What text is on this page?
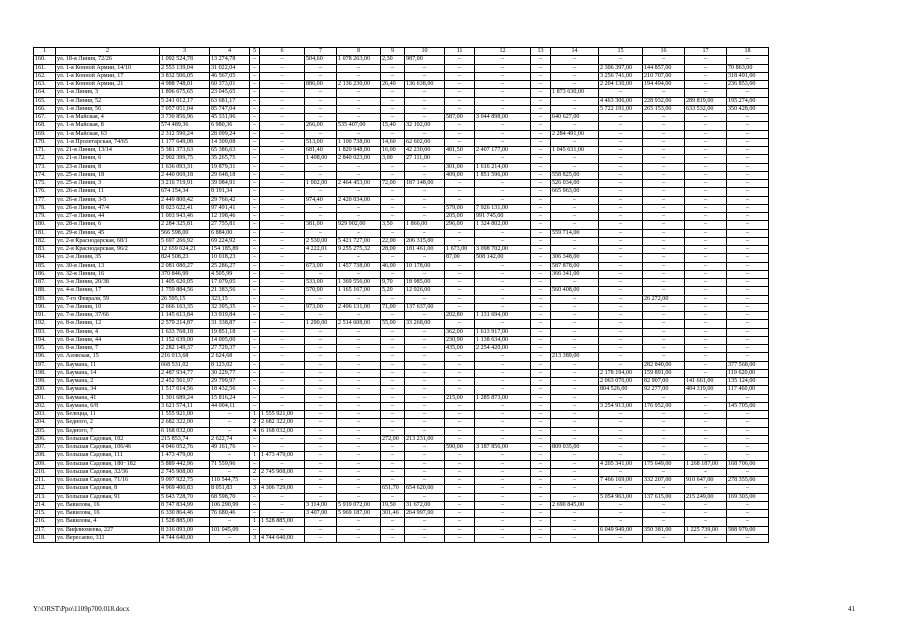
1	2	3	4	5	6	7	8	9	10	11	12	13	14	15	16	17	18
160.	ул. 18-я Линия, 72/26	1 092 524,78	13 274,78	–	–	504,60	1 078 263,00	2,30	987,00	–	–	–	–	–	–	–	–
161.	ул. 1-я Конной Армии, 14/10	2 553 139,04	31 022,04	–	–	–	–	–	–	–	–	–	–	2 306 397,00	144 857,00	–	70 863,00
162.	ул. 1-я Конной Армии, 17	3 832 506,05	46 567,05	–	–	–	–	–	–	–	–	–	–	3 256 741,00	210 707,00	–	318 491,00
163.	ул. 1-я Конной Армии, 21	4 988 748,01	60 373,01	–	–	886,00	2 136 230,00	26,40	136 638,00	–	–	–	–	2 204 130,00	194 494,00	–	236 853,00
164.	ул. 1-я Линия, 3	1 896 675,65	23 045,65	–	–	–	–	–	–	–	–	–	1 873 630,00	–	–	–	–
165.	ул. 1-я Линия, 52	5 241 012,17	63 681,17	–	–	–	–	–	–	–	–	–	–	4 463 306,00	228 932,00	289 819,00	195 274,00
166.	ул. 1-я Линия, 56	7 057 051,04	85 747,04	–	–	–	–	–	–	–	–	–	–	5 722 191,00	265 153,00	633 532,00	350 428,00
167.	ул. 1-я Майская, 4	3 730 856,96	45 331,96	–	–	–	–	–	–	587,00	3 044 898,00	–	640 627,00	–	–	–	–
168.	ул. 1-я Майская, 8	574 489,36	6 980,36	–	–	266,00	535 407,00	15,40	32 102,00	–	–	–	–	–	–	–	–
169.	ул. 1-я Майская, 63	2 312 590,24	28 099,24	–	–	–	–	–	–	–	–	–	2 284 491,00	–	–	–	–
170.	ул. 1-я Пролетарская, 74/65	1 177 649,08	14 309,08	–	–	513,00	1 100 738,00	14,60	62 602,00	–	–	–	–	–	–	–	–
171.	ул. 21-я Линия, 13/14	5 381 373,63	65 386,63	–	–	681,40	1 820 948,00	16,00	42 230,00	481,50	2 407 177,00	–	1 045 631,00	–	–	–	–
172.	ул. 21-я Линия, 6	2 902 399,75	35 265,75	–	–	1 408,00	2 840 023,00	3,00	27 111,00	–	–	–	–	–	–	–	–
173.	ул. 23-я Линия, 8	1 636 093,31	19 879,31	–	–	–	–	–	–	301,00	1 616 214,00	–	–	–	–	–	–
174.	ул. 25-я Линия, 18	2 440 069,18	29 648,18	–	–	–	–	–	–	409,00	1 851 596,00	–	558 825,00	–	–	–	–
175.	ул. 25-я Линия, 3	3 216 719,91	39 084,91	–	–	1 002,00	2 464 453,00	72,00	187 148,00	–	–	–	526 034,00	–	–	–	–
176.	ул. 26-я Линия, 11	674 154,34	8 191,34	–	–	–	–	–	–	–	–	–	665 963,00	–	–	–	–
177.	ул. 26-я Линия, 3-5	2 449 800,42	29 766,42	–	–	974,40	2 420 034,00	–	–	–	–	–	–	–	–	–	–
178.	ул. 26-я Линия, 47/4	8 023 622,41	97 491,41	–	–	–	–	–	–	579,00	7 926 131,00	–	–	–	–	–	–
179.	ул. 27-я Линия, 44	1 003 943,46	12 198,46	–	–	–	–	–	–	205,00	991 745,00	–	–	–	–	–	–
180.	ул. 28-я Линия, 6	2 284 325,81	27 755,81	–	–	381,00	929 902,00	3,50	1 866,00	296,00	1 324 802,00	–	–	–	–	–	–
181.	ул. 29-я Линия, 45	566 598,00	6 884,00	–	–	–	–	–	–	–	–	–	559 714,00	–	–	–	–
182.	ул. 2-я Краснодарская, 68/1	5 697 266,92	69 224,92	–	–	2 530,00	5 421 727,00	22,00	206 315,00	–	–	–	–	–	–	–	–
183.	ул. 2-я Краснодарская, 96/2	12 659 624,21	154 185,89	–	–	4 222,01	9 255 275,32	28,00	181 461,00	1 673,00	3 098 702,00	–	–	–	–	–	–
184.	ул. 2-я Линия, 35	824 508,23	10 018,23	–	–	–	–	–	–	87,00	508 142,00	–	306 348,00	–	–	–	–
185.	ул. 30-я Линия, 13	2 081 080,27	25 286,27	–	–	673,00	1 457 738,00	46,00	10 178,00	–	–	–	587 878,00	–	–	–	–
186.	ул. 32-я Линия, 16	370 846,99	4 505,99	–	–	–	–	–	–	–	–	–	366 341,00	–	–	–	–
187.	ул. 3-я Линия, 20/38	1 405 620,05	17 079,05	–	–	533,00	1 369 556,00	9,70	18 985,00	–	–	–	–	–	–	–	–
188.	ул. 4-я Линия, 17	1 759 884,56	21 383,56	–	–	570,00	1 165 167,00	5,20	12 926,00	–	–	–	560 408,00	–	–	–	–
189.	ул. 7-го Февраля, 59	26 595,15	323,15	–	–	–	–	–	–	–	–	–	–	–	26 272,00	–	–
190.	ул. 7-я Линия, 10	2 666 163,35	32 395,35	–	–	973,00	2 496 131,00	71,00	137 637,00	–	–	–	–	–	–	–	–
191.	ул. 7-я Линия, 37/66	1 145 613,84	13 919,84	–	–	–	–	–	–	202,80	1 131 694,00	–	–	–	–	–	–
192.	ул. 8-я Линия, 12	2 579 214,87	31 338,87	–	–	1 290,00	2 514 608,00	55,00	33 268,00	–	–	–	–	–	–	–	–
193.	ул. 8-я Линия, 4	1 633 768,18	19 851,18	–	–	–	–	–	–	362,00	1 613 917,00	–	–	–	–	–	–
194.	ул. 8-я Линия, 44	1 152 639,00	14 005,00	–	–	–	–	–	–	230,90	1 138 634,00	–	–	–	–	–	–
195.	ул. 8-я Линия, 7	2 282 149,37	27 729,37	–	–	–	–	–	–	435,00	2 254 420,00	–	–	–	–	–	–
196.	ул. Азовская, 15	216 013,68	2 624,68	–	–	–	–	–	–	–	–	–	213 389,00	–	–	–	–
197.	ул. Баумана, 11	668 531,02	8 123,02	–	–	–	–	–	–	–	–	–	–	–	282 840,00	–	377 568,00
198.	ул. Баумана, 14	2 487 934,77	30 229,77	–	–	–	–	–	–	–	–	–	–	2 178 194,00	159 891,00	–	119 620,00
199.	ул. Баумана, 2	2 452 561,97	29 799,97	–	–	–	–	–	–	–	–	–	–	2 063 070,00	82 907,00	141 661,00	135 124,00
200.	ул. Баумана, 34	1 517 014,56	18 432,56	–	–	–	–	–	–	–	–	–	–	804 526,00	92 277,00	484 319,00	117 460,00
201.	ул. Баумана, 41	1 301 689,24	15 816,24	–	–	–	–	–	–	215,00	1 285 873,00	–	–	–	–	–	–
202.	ул. Баумана, 6/8	3 621 574,11	44 004,11	–	–	–	–	–	–	–	–	–	–	3 254 913,00	176 952,00	–	145 705,00
203.	ул. Белецца, 11	1 555 921,00	–	1	1 555 921,00	–	–	–	–	–	–	–	–	–	–	–	–
204.	ул. Бедного, 2	2 682 322,00	–	2	2 682 322,00	–	–	–	–	–	–	–	–	–	–	–	–
205.	ул. Бедного, 7	6 168 032,00	–	4	6 168 032,00	–	–	–	–	–	–	–	–	–	–	–	–
206.	ул. Большая Садовая, 102	215 853,74	2 622,74	–	–	–	–	272,00	213 231,00	–	–	–	–	–	–	–	–
207.	ул. Большая Садовая, 106/46	4 046 052,76	49 161,76	–	–	–	–	–	–	590,00	3 187 856,00	–	809 035,00	–	–	–	–
208.	ул. Большая Садовая, 111	1 473 479,00	–	1	1 473 479,00	–	–	–	–	–	–	–	–	–	–	–	–
209.	ул. Большая Садовая, 180−182	5 889 442,96	71 559,96	–	–	–	–	–	–	–	–	–	–	4 205 341,00	175 649,00	1 268 187,00	168 706,00
210.	ул. Большая Садовая, 32/36	2 745 908,00	–	2	2 745 908,00	–	–	–	–	–	–	–	–	–	–	–	–
211.	ул. Большая Садовая, 71/16	9 097 922,75	110 544,75	–	–	–	–	–	–	–	–	–	–	7 466 169,00	332 207,00	910 647,00	278 355,00
212.	ул. Большая Садовая, 8	4 969 400,83	8 051,83	3	4 306 729,00	–	–	651,70	654 620,00	–	–	–	–	–	–	–	–
213.	ул. Большая Садовая, 91	5 643 728,70	68 598,70	–	–	–	–	–	–	–	–	–	–	5 054 963,00	137 615,00	215 249,00	169 303,00
214.	ул. Вавилова, 16	8 747 834,99	106 290,99	–	–	3 114,00	5 919 072,00	19,50	31 672,00	–	–	–	2 690 845,00	–	–	–	–
215.	ул. Вавилова, 16	6 330 864,46	76 680,46	–	–	3 407,00	5 969 187,00	301,46	264 997,00	–	–	–	–	–	–	–	–
216.	ул. Вавилова, 4	1 528 885,00	–	1	1 528 885,00	–	–	–	–	–	–	–	–	–	–	–	–
217.	ул. Вифлиомеева, 227	8 316 093,09	101 045,09	–	–	–	–	–	–	–	–	–	–	6 049 949,00	350 381,00	1 225 739,00	588 979,00
218.	ул. Вересаево, 311	4 744 640,00	–	3	4 744 640,00	–	–	–	–	–	–	–	–	–	–	–	–
Y:\ORST\Ppo\1109p700.018.docx	41
